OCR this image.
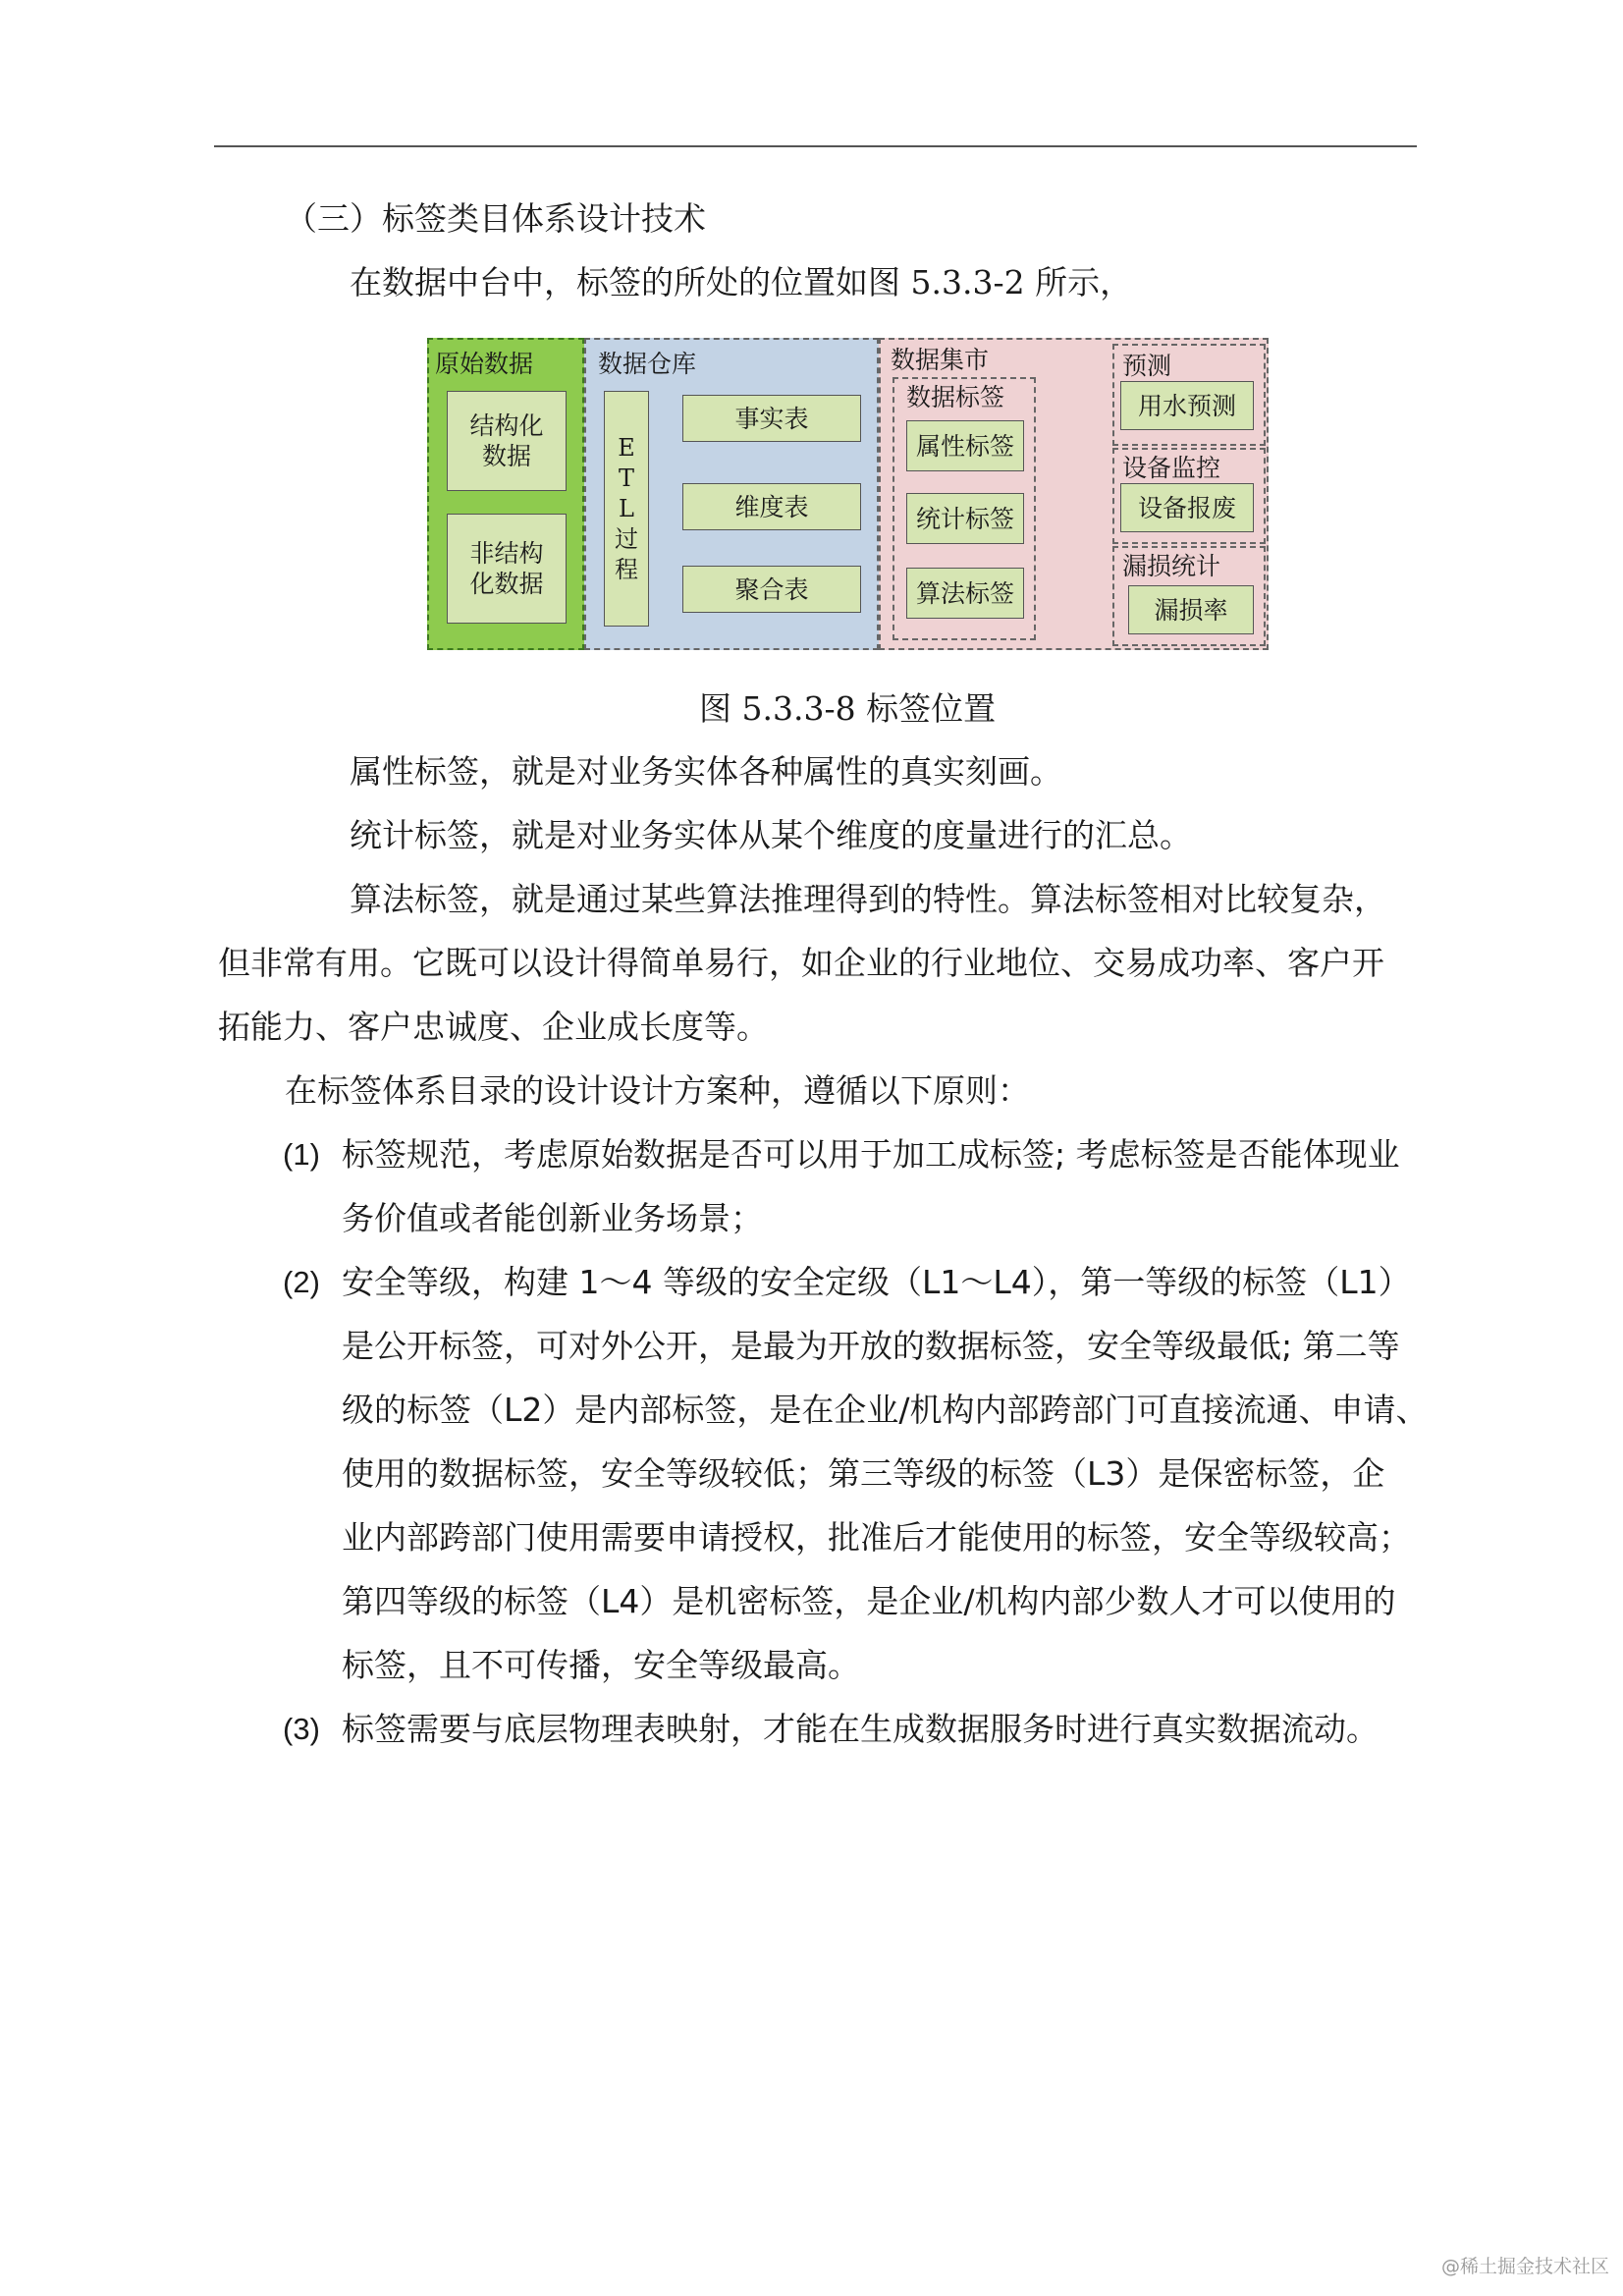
（三）标签类目体系设计技术
在数据中台中，标签的所处的位置如图 5.3.3-2 所示，
原始数据
结构化
数据
非结构
化数据
数据仓库
E
T
L
过
程
事实表
维度表
聚合表
数据集市
数据标签
属性标签
统计标签
算法标签
预测
用水预测
设备监控
设备报废
漏损统计
漏损率
图 5.3.3-8 标签位置
属性标签，就是对业务实体各种属性的真实刻画。
统计标签，就是对业务实体从某个维度的度量进行的汇总。
算法标签，就是通过某些算法推理得到的特性。算法标签相对比较复杂，
但非常有用。它既可以设计得简单易行，如企业的行业地位、交易成功率、客户开
拓能力、客户忠诚度、企业成长度等。
在标签体系目录的设计设计方案种，遵循以下原则：
(1) 标签规范，考虑原始数据是否可以用于加工成标签; 考虑标签是否能体现业
务价值或者能创新业务场景；
(2) 安全等级，构建 1～4 等级的安全定级（L1～L4），第一等级的标签（L1）
是公开标签，可对外公开，是最为开放的数据标签，安全等级最低; 第二等
级的标签（L2）是内部标签，是在企业/机构内部跨部门可直接流通、申请、
使用的数据标签，安全等级较低；第三等级的标签（L3）是保密标签，企
业内部跨部门使用需要申请授权，批准后才能使用的标签，安全等级较高；
第四等级的标签（L4）是机密标签，是企业/机构内部少数人才可以使用的
标签，且不可传播，安全等级最高。
(3) 标签需要与底层物理表映射，才能在生成数据服务时进行真实数据流动。
@稀土掘金技术社区
